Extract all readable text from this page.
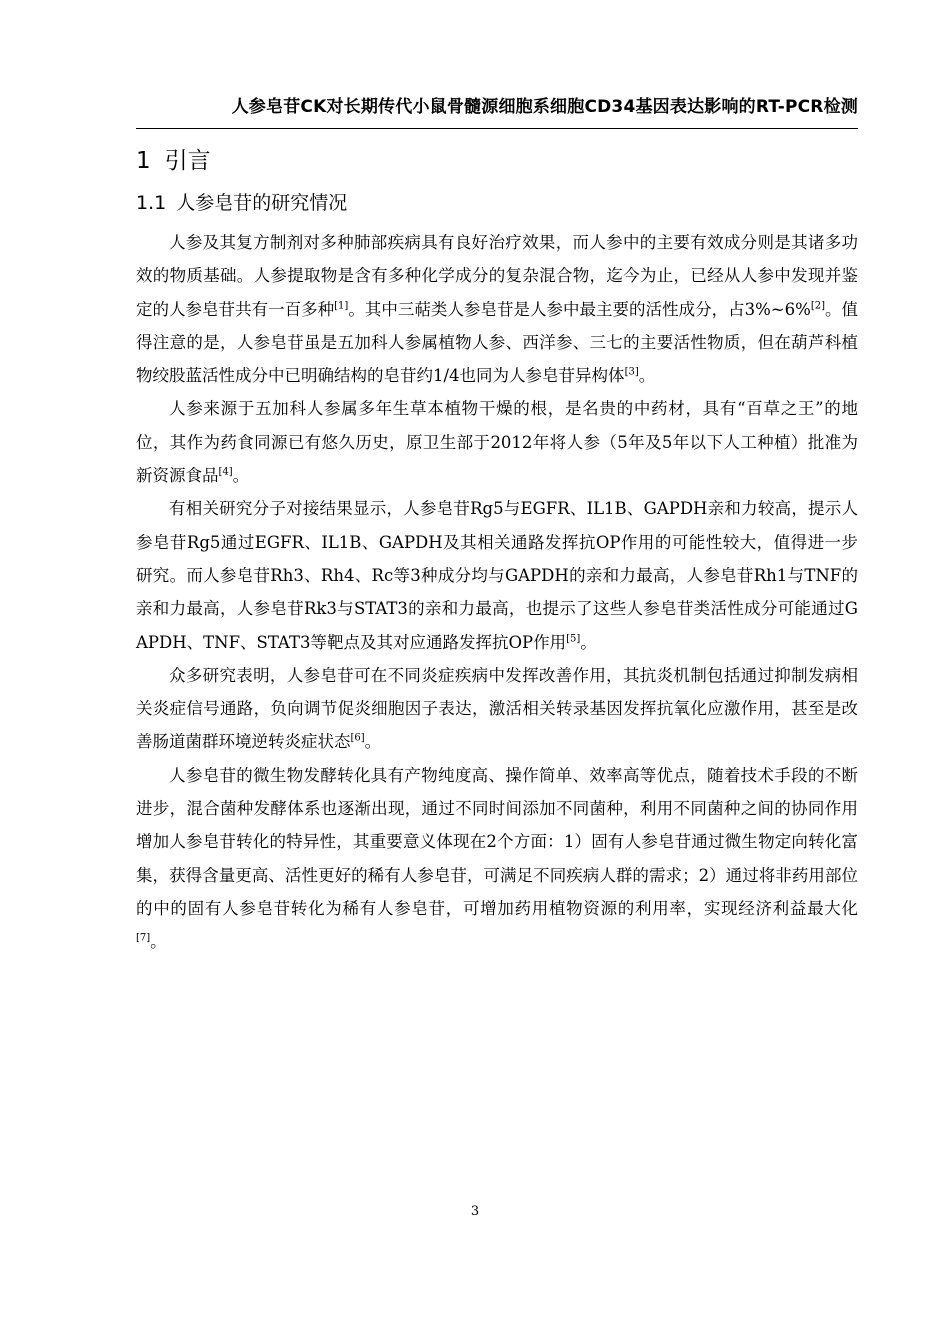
人参皂苷CK对长期传代小鼠骨髓源细胞系细胞CD34基因表达影响的RT-PCR检测
1 引言
1.1 人参皂苷的研究情况

人参及其复方制剂对多种肺部疾病具有良好治疗效果，而人参中的主要有效成分则是其诸多功效的物质基础。人参提取物是含有多种化学成分的复杂混合物，迄今为止，已经从人参中发现并鉴定的人参皂苷共有一百多种[1]。其中三萜类人参皂苷是人参中最主要的活性成分，占3%~6%[2]。值得注意的是，人参皂苷虽是五加科人参属植物人参、西洋参、三七的主要活性物质，但在葫芦科植物绞股蓝活性成分中已明确结构的皂苷约1/4也同为人参皂苷异构体[3]。

人参来源于五加科人参属多年生草本植物干燥的根，是名贵的中药材，具有“百草之王”的地位，其作为药食同源已有悠久历史，原卫生部于2012年将人参（5年及5年以下人工种植）批准为新资源食品[4]。

有相关研究分子对接结果显示，人参皂苷Rg5与EGFR、IL1B、GAPDH亲和力较高，提示人参皂苷Rg5通过EGFR、IL1B、GAPDH及其相关通路发挥抗OP作用的可能性较大，值得进一步研究。而人参皂苷Rh3、Rh4、Rc等3种成分均与GAPDH的亲和力最高，人参皂苷Rh1与TNF的亲和力最高，人参皂苷Rk3与STAT3的亲和力最高，也提示了这些人参皂苷类活性成分可能通过GAPDH、TNF、STAT3等靶点及其对应通路发挥抗OP作用[5]。

众多研究表明，人参皂苷可在不同炎症疾病中发挥改善作用，其抗炎机制包括通过抑制发病相关炎症信号通路，负向调节促炎细胞因子表达，激活相关转录基因发挥抗氧化应激作用，甚至是改善肠道菌群环境逆转炎症状态[6]。

人参皂苷的微生物发酵转化具有产物纯度高、操作简单、效率高等优点，随着技术手段的不断进步，混合菌种发酵体系也逐渐出现，通过不同时间添加不同菌种，利用不同菌种之间的协同作用增加人参皂苷转化的特异性，其重要意义体现在2个方面：1）固有人参皂苷通过微生物定向转化富集，获得含量更高、活性更好的稀有人参皂苷，可满足不同疾病人群的需求；2）通过将非药用部位的中的固有人参皂苷转化为稀有人参皂苷，可增加药用植物资源的利用率，实现经济利益最大化[7]。

3
